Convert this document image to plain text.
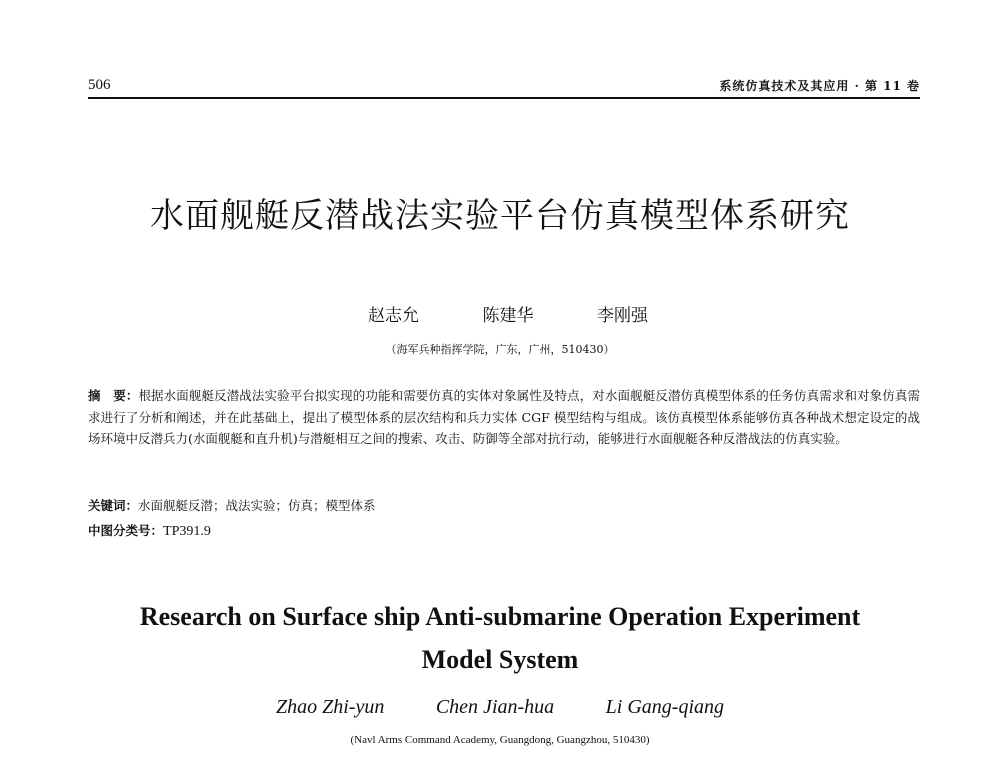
506	系统仿真技术及其应用 · 第 11 卷
水面舰艇反潜战法实验平台仿真模型体系研究
赵志允	陈建华	李刚强
（海军兵种指挥学院，广东，广州，510430）
摘　要：根据水面舰艇反潜战法实验平台拟实现的功能和需要仿真的实体对象属性及特点，对水面舰艇反潜仿真模型体系的任务仿真需求和对象仿真需求进行了分析和阐述，并在此基础上，提出了模型体系的层次结构和兵力实体 CGF 模型结构与组成。该仿真模型体系能够仿真各种战术想定设定的战场环境中反潜兵力(水面舰艇和直升机)与潜艇相互之间的搜索、攻击、防御等全部对抗行动，能够进行水面舰艇各种反潜战法的仿真实验。
关键词：水面舰艇反潜；战法实验；仿真；模型体系
中图分类号：TP391.9
Research on Surface ship Anti-submarine Operation Experiment
Model System
Zhao Zhi-yun	Chen Jian-hua	Li Gang-qiang
(Navl Arms Command Academy, Guangdong, Guangzhou, 510430)
